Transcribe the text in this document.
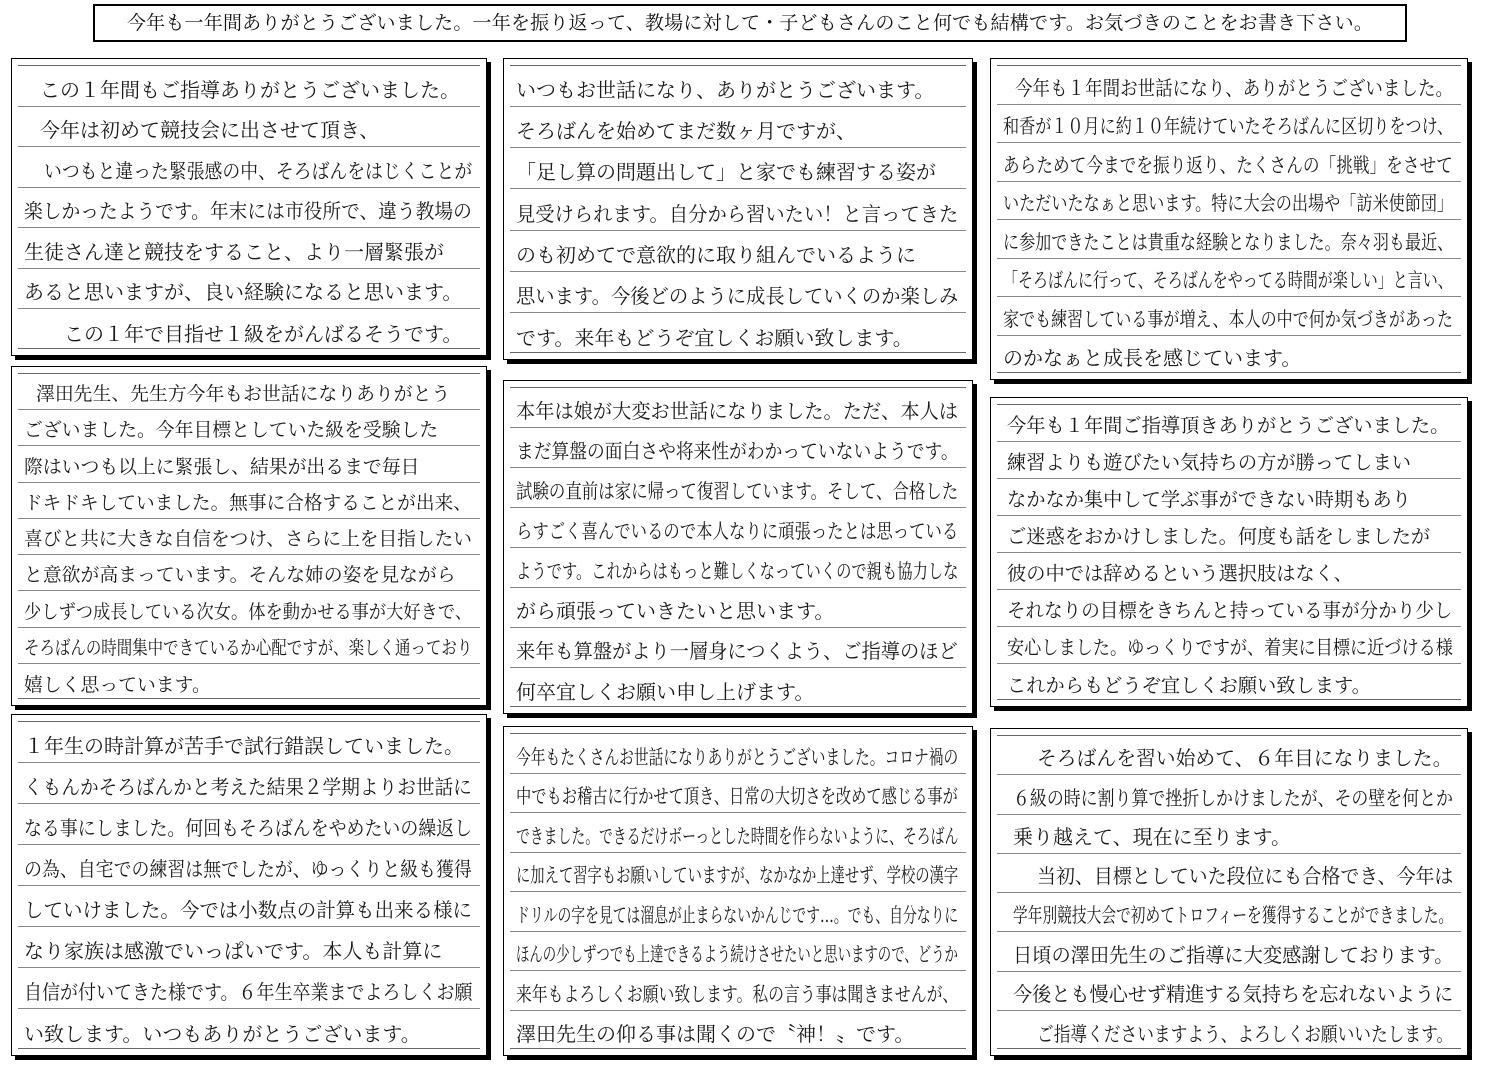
今年も一年間ありがとうございました。一年を振り返って、教場に対して・子どもさんのこと何でも結構です。お気づきのことをお書き下さい。
この１年間もご指導ありがとうございました。
今年は初めて競技会に出させて頂き、
いつもと違った緊張感の中、そろばんをはじくことが
楽しかったようです。年末には市役所で、違う教場の
生徒さん達と競技をすること、より一層緊張が
あると思いますが、良い経験になると思います。
この１年で目指せ１級をがんばるそうです。
いつもお世話になり、ありがとうございます。
そろばんを始めてまだ数ヶ月ですが、
「足し算の問題出して」と家でも練習する姿が
見受けられます。自分から習いたい！と言ってきた
のも初めてで意欲的に取り組んでいるように
思います。今後どのように成長していくのか楽しみ
です。来年もどうぞ宜しくお願い致します。
今年も１年間お世話になり、ありがとうございました。
和香が１０月に約１０年続けていたそろばんに区切りをつけ、
あらためて今までを振り返り、たくさんの「挑戦」をさせて
いただいたなぁと思います。特に大会の出場や「訪米使節団」
に参加できたことは貴重な経験となりました。奈々羽も最近、
「そろばんに行って、そろばんをやってる時間が楽しい」と言い、
家でも練習している事が増え、本人の中で何か気づきがあった
のかなぁと成長を感じています。
澤田先生、先生方今年もお世話になりありがとう
ございました。今年目標としていた級を受験した
際はいつも以上に緊張し、結果が出るまで毎日
ドキドキしていました。無事に合格することが出来、
喜びと共に大きな自信をつけ、さらに上を目指したい
と意欲が高まっています。そんな姉の姿を見ながら
少しずつ成長している次女。体を動かせる事が大好きで、
そろばんの時間集中できているか心配ですが、楽しく通っており
嬉しく思っています。
本年は娘が大変お世話になりました。ただ、本人は
まだ算盤の面白さや将来性がわかっていないようです。
試験の直前は家に帰って復習しています。そして、合格した
らすごく喜んでいるので本人なりに頑張ったとは思っている
ようです。これからはもっと難しくなっていくので親も協力しな
がら頑張っていきたいと思います。
来年も算盤がより一層身につくよう、ご指導のほど
何卒宜しくお願い申し上げます。
今年も１年間ご指導頂きありがとうございました。
練習よりも遊びたい気持ちの方が勝ってしまい
なかなか集中して学ぶ事ができない時期もあり
ご迷惑をおかけしました。何度も話をしましたが
彼の中では辞めるという選択肢はなく、
それなりの目標をきちんと持っている事が分かり少し
安心しました。ゆっくりですが、着実に目標に近づける様
これからもどうぞ宜しくお願い致します。
１年生の時計算が苦手で試行錯誤していました。
くもんかそろばんかと考えた結果２学期よりお世話に
なる事にしました。何回もそろばんをやめたいの繰返し
の為、自宅での練習は無でしたが、ゆっくりと級も獲得
していけました。今では小数点の計算も出来る様に
なり家族は感激でいっぱいです。本人も計算に
自信が付いてきた様です。６年生卒業までよろしくお願
い致します。いつもありがとうございます。
今年もたくさんお世話になりありがとうございました。コロナ禍の
中でもお稽古に行かせて頂き、日常の大切さを改めて感じる事が
できました。できるだけボーっとした時間を作らないように、そろばん
に加えて習字もお願いしていますが、なかなか上達せず、学校の漢字
ドリルの字を見ては溜息が止まらないかんじです…。でも、自分なりに
ほんの少しずつでも上達できるよう続けさせたいと思いますので、どうか
来年もよろしくお願い致します。私の言う事は聞きませんが、
澤田先生の仰る事は聞くので〝神！〟です。
そろばんを習い始めて、６年目になりました。
６級の時に割り算で挫折しかけましたが、その壁を何とか
乗り越えて、現在に至ります。
当初、目標としていた段位にも合格でき、今年は
学年別競技大会で初めてトロフィーを獲得することができました。
日頃の澤田先生のご指導に大変感謝しております。
今後とも慢心せず精進する気持ちを忘れないように
ご指導くださいますよう、よろしくお願いいたします。
